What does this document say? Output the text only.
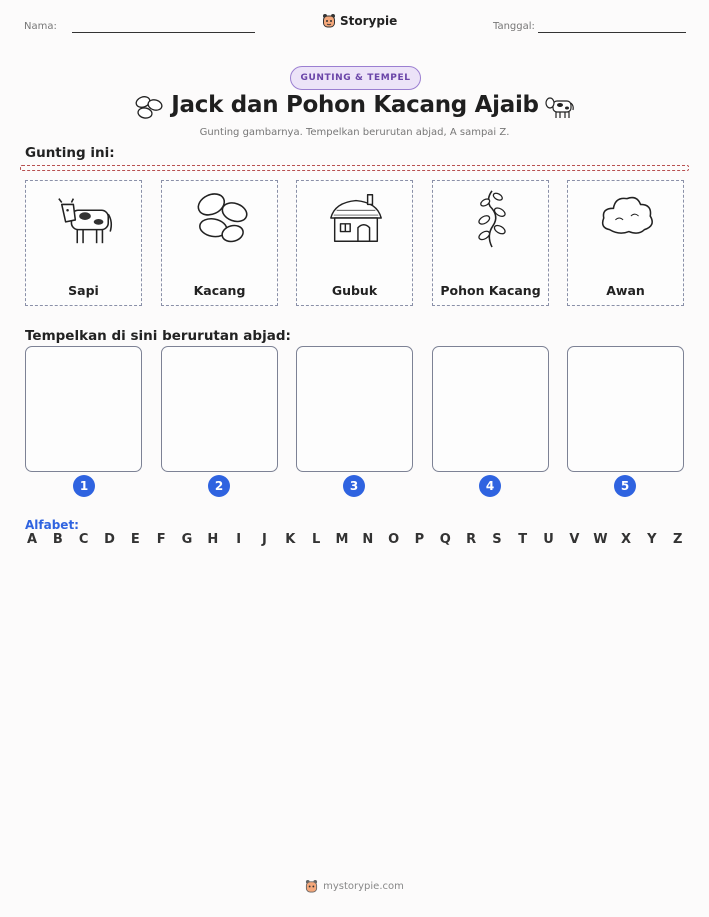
Nama:	Storypie	Tanggal:
GUNTING & TEMPEL
Jack dan Pohon Kacang Ajaib
Gunting gambarnya. Tempelkan berurutan abjad, A sampai Z.
Gunting ini:
Sapi	Kacang	Gubuk	Pohon Kacang	Awan
Tempelkan di sini berurutan abjad:
1	2	3	4	5
Alfabet:
A B C D E F G H	I	J	K L M N O P Q R S T U V W X Y Z
mystorypie.com
